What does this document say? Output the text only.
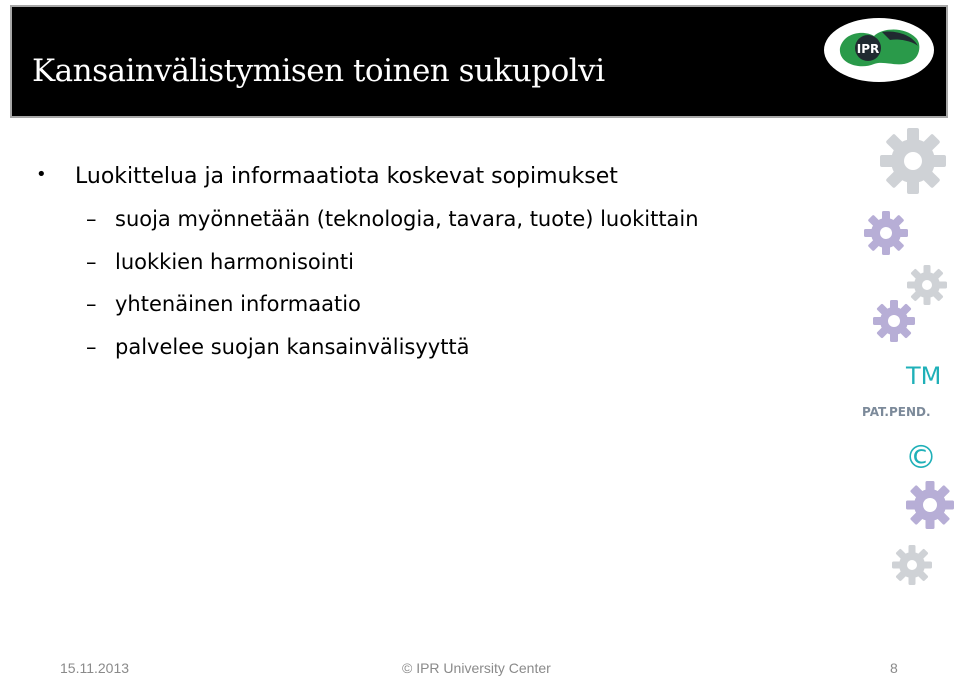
Kansainvälistymisen toinen sukupolvi
IPR
• Luokittelua ja informaatiota koskevat sopimukset
– suoja myönnetään (teknologia, tavara, tuote) luokittain
– luokkien harmonisointi
– yhtenäinen informaatio
– palvelee suojan kansainvälisyyttä
TM
PAT.PEND.
©
15.11.2013	© IPR University Center	8
